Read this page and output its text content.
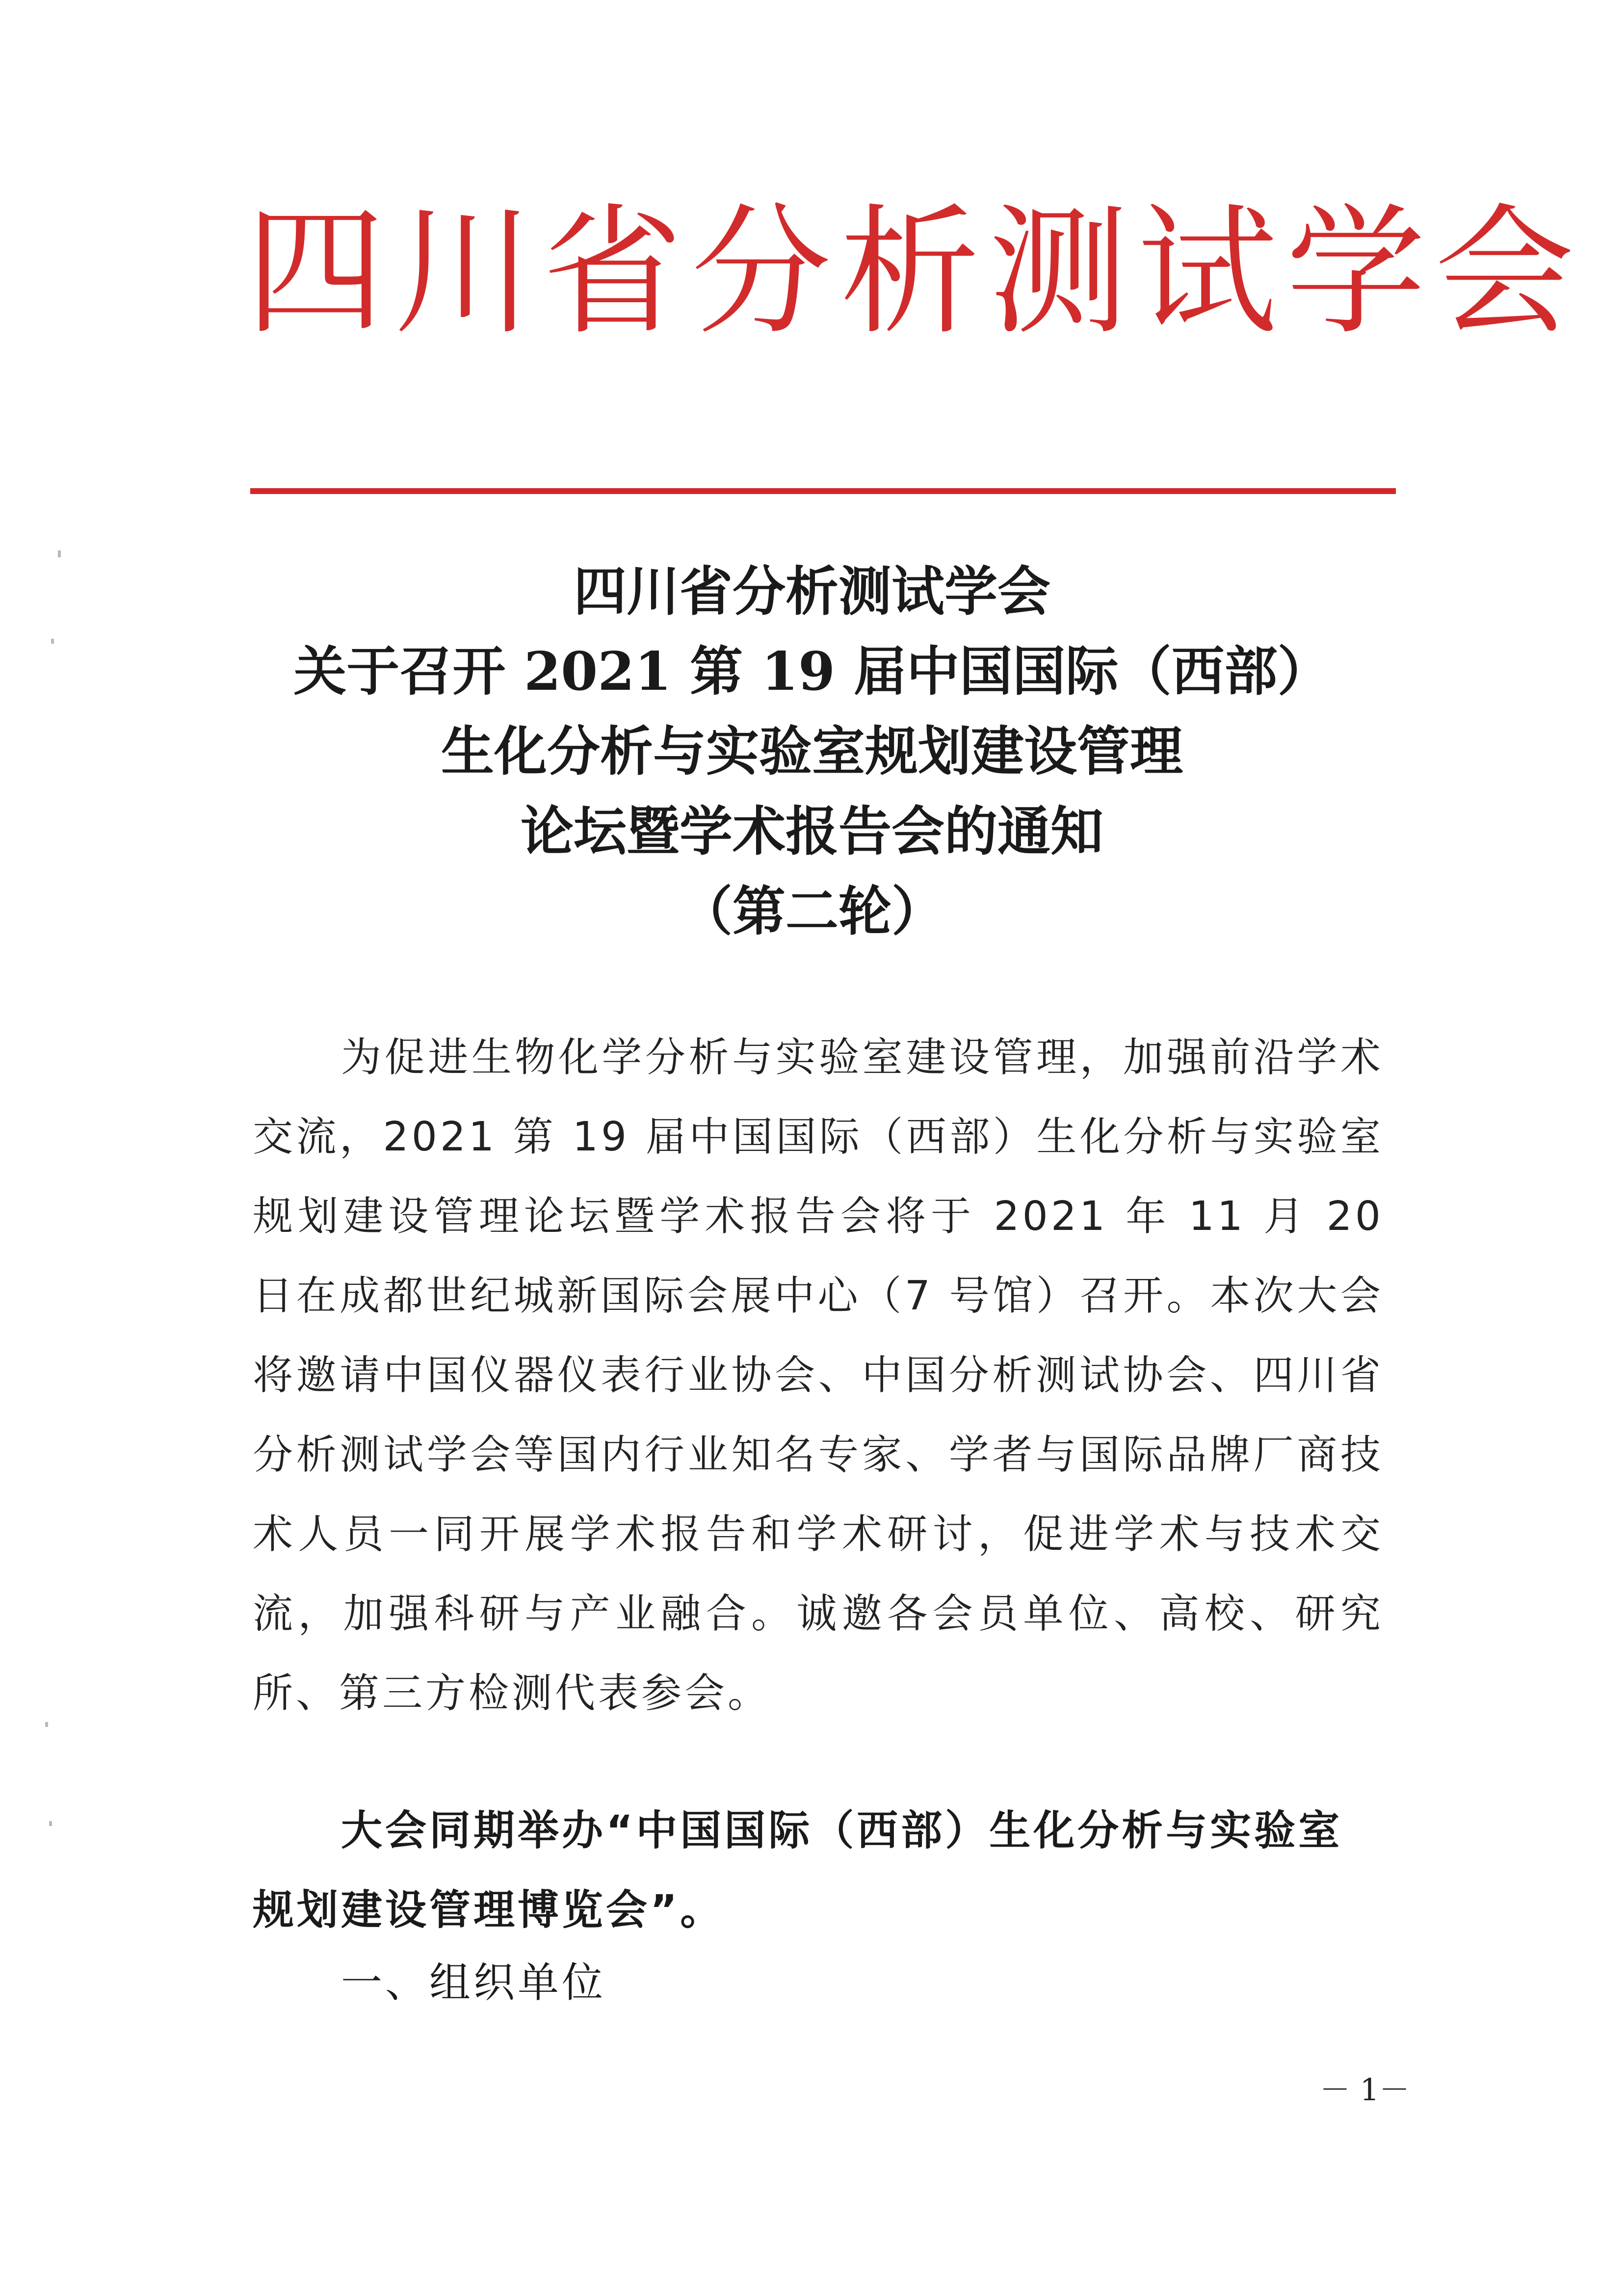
四川省分析测试学会
四川省分析测试学会
关于召开 2021 第 19 届中国国际（西部）
生化分析与实验室规划建设管理
论坛暨学术报告会的通知
（第二轮）

为促进生物化学分析与实验室建设管理，加强前沿学术交流，2021 第 19 届中国国际（西部）生化分析与实验室规划建设管理论坛暨学术报告会将于 2021 年 11 月 20 日在成都世纪城新国际会展中心（7 号馆）召开。本次大会将邀请中国仪器仪表行业协会、中国分析测试协会、四川省分析测试学会等国内行业知名专家、学者与国际品牌厂商技术人员一同开展学术报告和学术研讨，促进学术与技术交流，加强科研与产业融合。诚邀各会员单位、高校、研究所、第三方检测代表参会。

大会同期举办“中国国际（西部）生化分析与实验室规划建设管理博览会”。
一、组织单位
－ 1－
